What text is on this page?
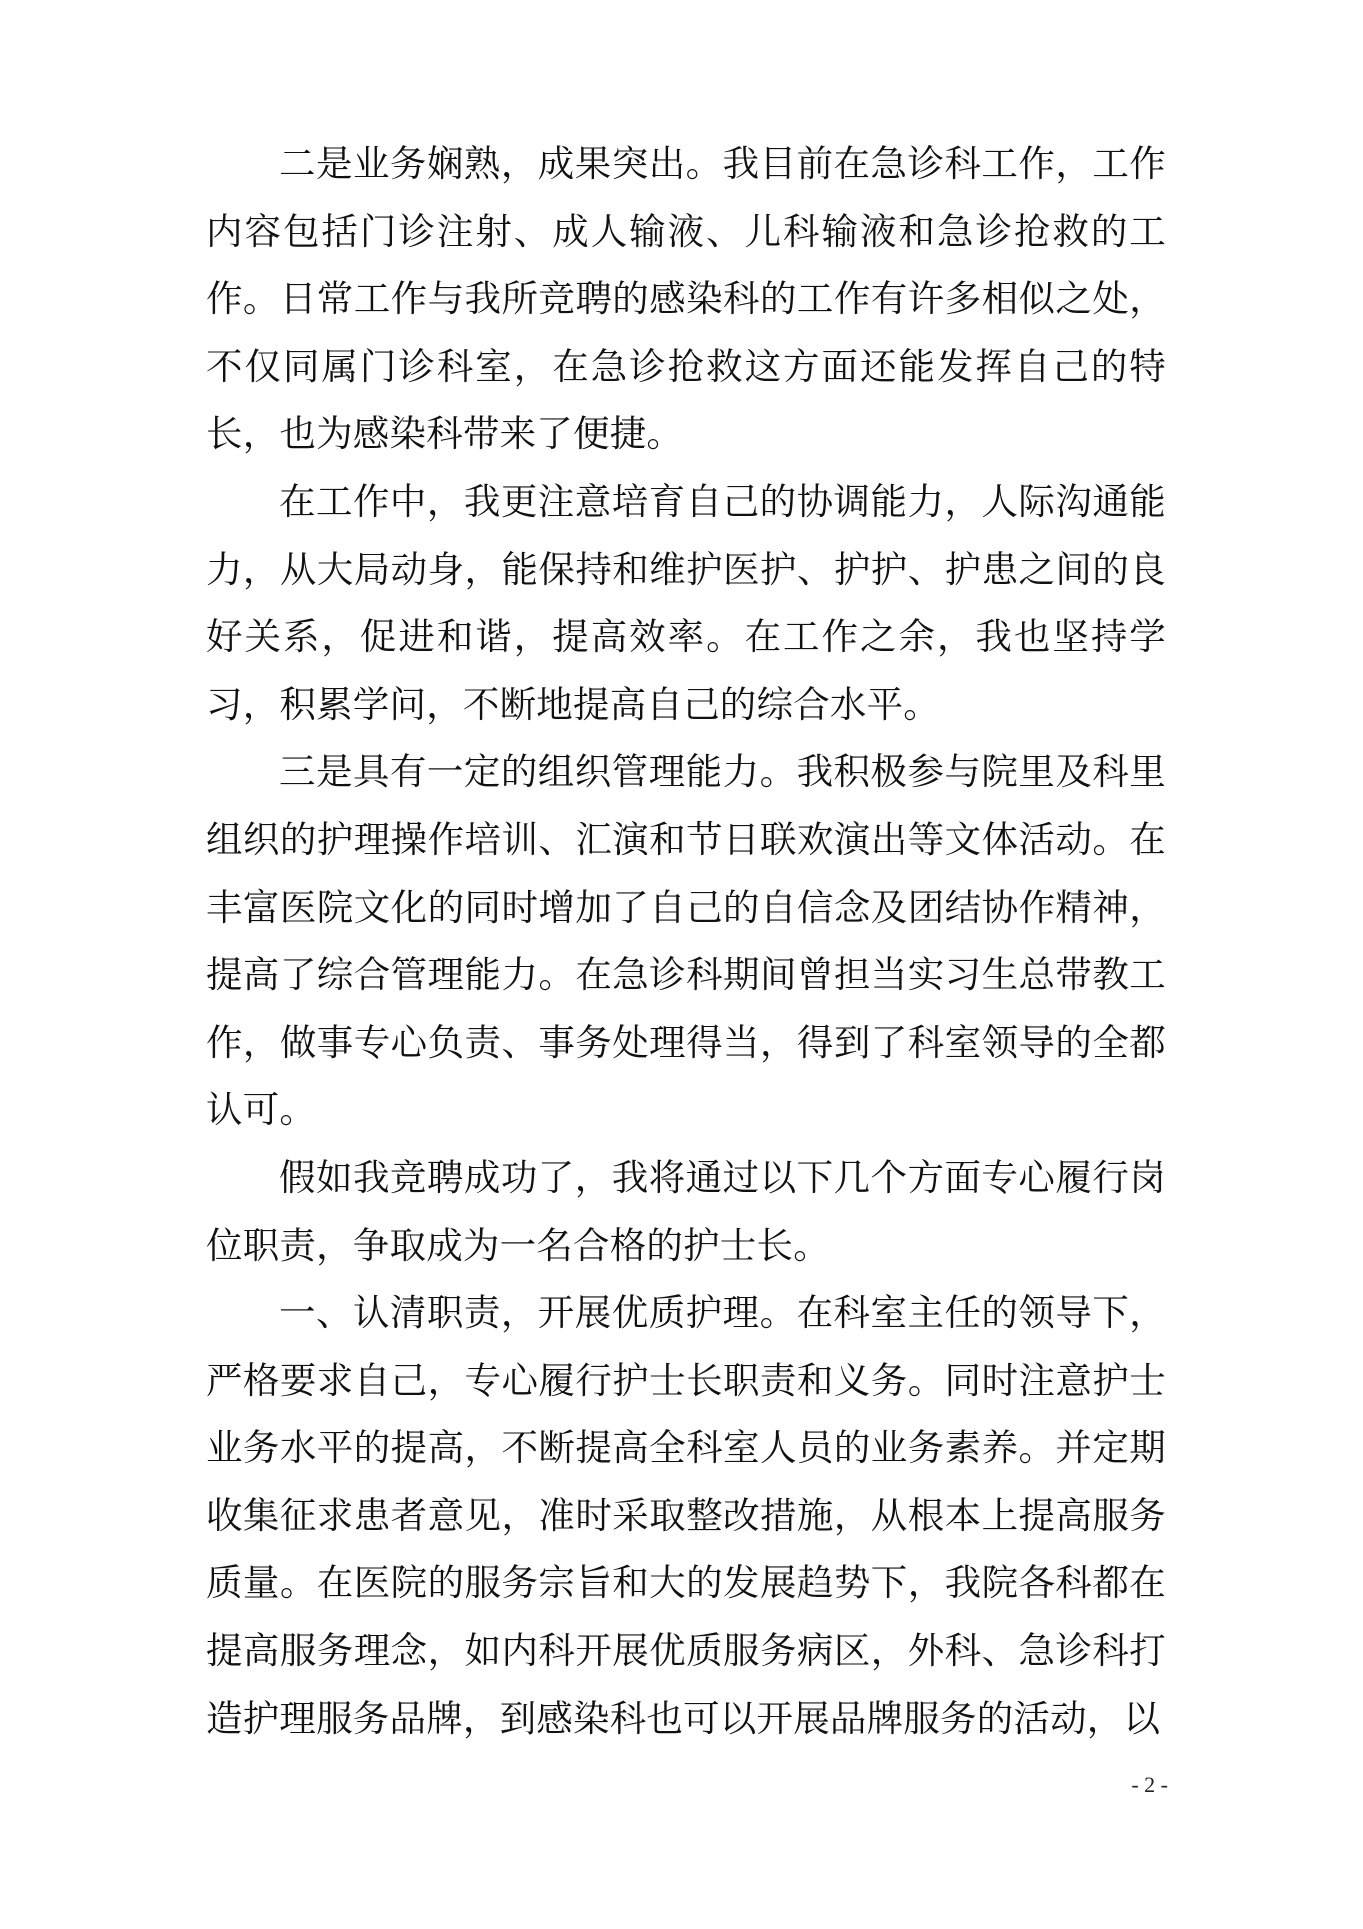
二是业务娴熟，成果突出。我目前在急诊科工作，工作内容包括门诊注射、成人输液、儿科输液和急诊抢救的工作。日常工作与我所竞聘的感染科的工作有许多相似之处，不仅同属门诊科室，在急诊抢救这方面还能发挥自己的特长，也为感染科带来了便捷。

在工作中，我更注意培育自己的协调能力，人际沟通能力，从大局动身，能保持和维护医护、护护、护患之间的良好关系，促进和谐，提高效率。在工作之余，我也坚持学习，积累学问，不断地提高自己的综合水平。

三是具有一定的组织管理能力。我积极参与院里及科里组织的护理操作培训、汇演和节日联欢演出等文体活动。在丰富医院文化的同时增加了自己的自信念及团结协作精神，提高了综合管理能力。在急诊科期间曾担当实习生总带教工作，做事专心负责、事务处理得当，得到了科室领导的全都认可。

假如我竞聘成功了，我将通过以下几个方面专心履行岗位职责，争取成为一名合格的护士长。

一、认清职责，开展优质护理。在科室主任的领导下，严格要求自己，专心履行护士长职责和义务。同时注意护士业务水平的提高，不断提高全科室人员的业务素养。并定期收集征求患者意见，准时采取整改措施，从根本上提高服务质量。在医院的服务宗旨和大的发展趋势下，我院各科都在提高服务理念，如内科开展优质服务病区，外科、急诊科打造护理服务品牌，到感染科也可以开展品牌服务的活动，以

- 2 -
